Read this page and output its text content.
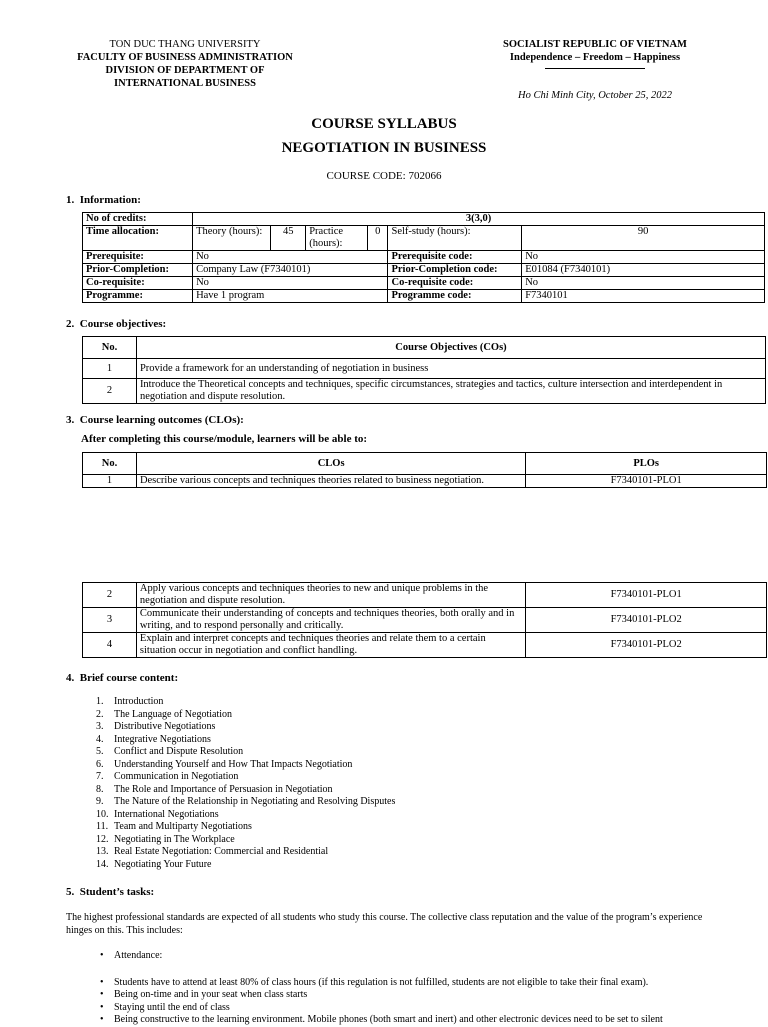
TON DUC THANG UNIVERSITY
FACULTY OF BUSINESS ADMINISTRATION
DIVISION OF DEPARTMENT OF
INTERNATIONAL BUSINESS
SOCIALIST REPUBLIC OF VIETNAM
Independence – Freedom – Happiness
Ho Chi Minh City, October 25, 2022
COURSE SYLLABUS
NEGOTIATION IN BUSINESS
COURSE CODE: 702066
1. Information:
No of credits:	3(3,0)					
Time allocation:	Theory (hours):	45	Practice (hours):	0	Self-study (hours):	90
Prerequisite:	No				Prerequisite code:	No
Prior-Completion:	Company Law (F7340101)				Prior-Completion code:	E01084 (F7340101)
Co-requisite:	No				Co-requisite code:	No
Programme:	Have 1 program				Programme code:	F7340101
2. Course objectives:
No.	Course Objectives (COs)
1	Provide a framework for an understanding of negotiation in business
2	Introduce the Theoretical concepts and techniques, specific circumstances, strategies and tactics, culture intersection and interdependent in negotiation and dispute resolution.
3. Course learning outcomes (CLOs):
After completing this course/module, learners will be able to:
No.	CLOs	PLOs
1	Describe various concepts and techniques theories related to business negotiation.	F7340101-PLO1
2	Apply various concepts and techniques theories to new and unique problems in the negotiation and dispute resolution.	F7340101-PLO1
3	Communicate their understanding of concepts and techniques theories, both orally and in writing, and to respond personally and critically.	F7340101-PLO2
4	Explain and interpret concepts and techniques theories and relate them to a certain situation occur in negotiation and conflict handling.	F7340101-PLO2
4. Brief course content:
1. Introduction
2. The Language of Negotiation
3. Distributive Negotiations
4. Integrative Negotiations
5. Conflict and Dispute Resolution
6. Understanding Yourself and How That Impacts Negotiation
7. Communication in Negotiation
8. The Role and Importance of Persuasion in Negotiation
9. The Nature of the Relationship in Negotiating and Resolving Disputes
10. International Negotiations
11. Team and Multiparty Negotiations
12. Negotiating in The Workplace
13. Real Estate Negotiation: Commercial and Residential
14. Negotiating Your Future
5. Student’s tasks:
The highest professional standards are expected of all students who study this course. The collective class reputation and the value of the program’s experience hinges on this. This includes:
• Attendance:
• Students have to attend at least 80% of class hours (if this regulation is not fulfilled, students are not eligible to take their final exam).
• Being on-time and in your seat when class starts
• Staying until the end of class
• Being constructive to the learning environment. Mobile phones (both smart and inert) and other electronic devices need to be set to silent
